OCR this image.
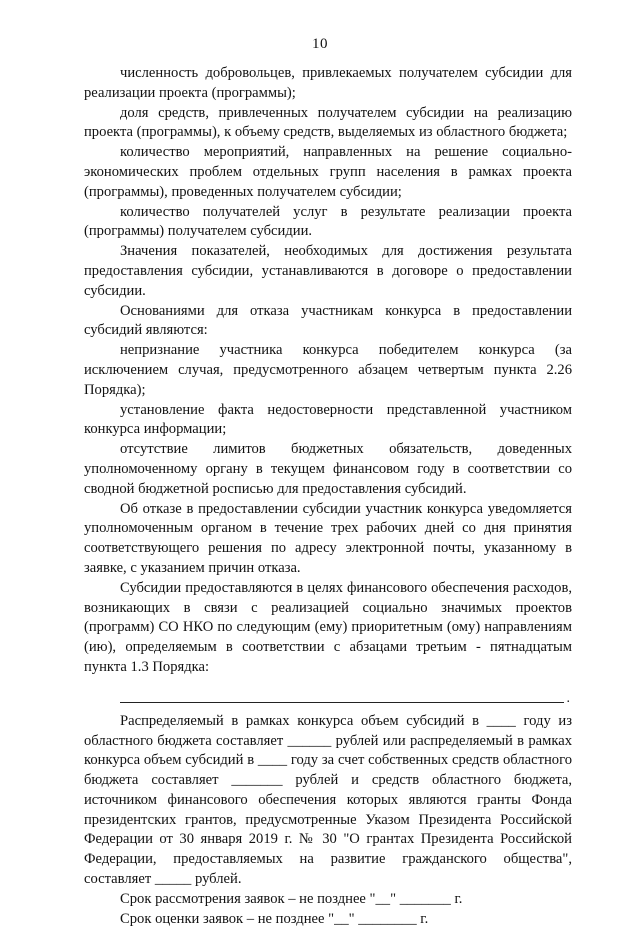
10

численность добровольцев, привлекаемых получателем субсидии для реализации проекта (программы);

доля средств, привлеченных получателем субсидии на реализацию проекта (программы), к объему средств, выделяемых из областного бюджета;

количество мероприятий, направленных на решение социально-экономических проблем отдельных групп населения в рамках проекта (программы), проведенных получателем субсидии;

количество получателей услуг в результате реализации проекта (программы) получателем субсидии.

Значения показателей, необходимых для достижения результата предоставления субсидии, устанавливаются в договоре о предоставлении субсидии.

Основаниями для отказа участникам конкурса в предоставлении субсидий являются:

непризнание участника конкурса победителем конкурса (за исключением случая, предусмотренного абзацем четвертым пункта 2.26 Порядка);

установление факта недостоверности представленной участником конкурса информации;

отсутствие лимитов бюджетных обязательств, доведенных уполномоченному органу в текущем финансовом году в соответствии со сводной бюджетной росписью для предоставления субсидий.

Об отказе в предоставлении субсидии участник конкурса уведомляется уполномоченным органом в течение трех рабочих дней со дня принятия соответствующего решения по адресу электронной почты, указанному в заявке, с указанием причин отказа.

Субсидии предоставляются в целях финансового обеспечения расходов, возникающих в связи с реализацией социально значимых проектов (программ) СО НКО по следующим (ему) приоритетным (ому) направлениям (ию), определяемым в соответствии с абзацами третьим - пятнадцатым пункта 1.3 Порядка:

.

Распределяемый в рамках конкурса объем субсидий в ____ году из областного бюджета составляет ______ рублей или распределяемый в рамках конкурса объем субсидий в ____ году за счет собственных средств областного бюджета составляет _______ рублей и средств областного бюджета, источником финансового обеспечения которых являются гранты Фонда президентских грантов, предусмотренные Указом Президента Российской Федерации от 30 января 2019 г. № 30 "О грантах Президента Российской Федерации, предоставляемых на развитие гражданского общества", составляет _____ рублей.

Срок рассмотрения заявок – не позднее "__" _______ г.

Срок оценки заявок – не позднее "__" ________ г.
